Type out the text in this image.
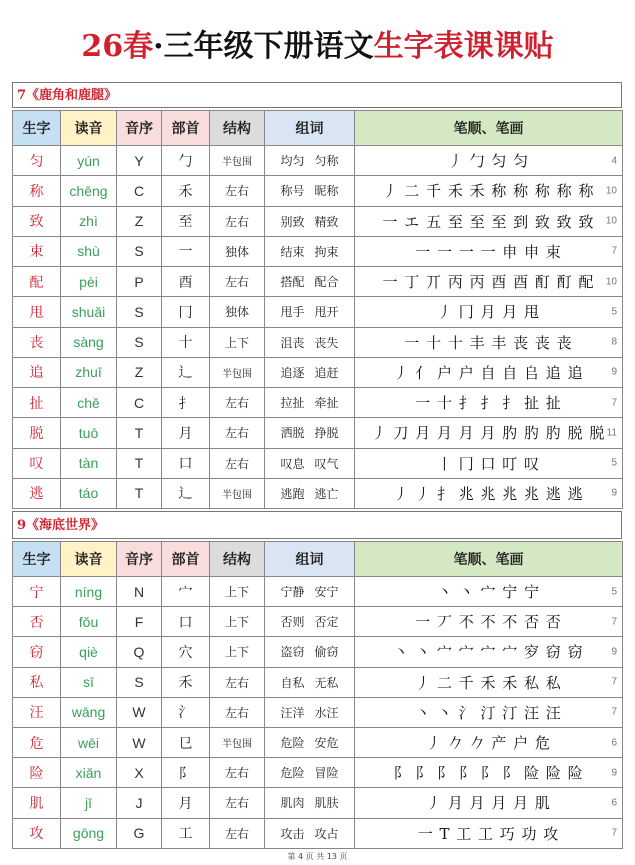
26春·三年级下册语文生字表课课贴
7《鹿角和鹿腿》
生字	读音	音序	部首	结构	组词	笔顺、笔画
匀	yún	Y	勹	半包围	均匀 匀称	丿 勹 匀 匀 4

称	chēng	C	禾	左右	称号 昵称	丿 二 千 禾 禾 称 称 称 称 称 10

致	zhì	Z	至	左右	别致 精致	一 エ 五 至 至 至 到 致 致 致 10

束	shù	S	一	独体	结束 拘束	一 一 一 一 申 申 束 7

配	pèi	P	酉	左右	搭配 配合	一 丁 丌 丙 丙 酉 酉 酊 酊 配 10

甩	shuǎi	S	冂	独体	甩手 甩开	丿 冂 月 月 甩 5

丧	sàng	S	十	上下	沮丧 丧失	一 十 十 丰 丰 丧 丧 丧 8

追	zhuī	Z	辶	半包围	追逐 追赶	丿 亻 户 户 自 自 𠂤 追 追 9

扯	chě	C	扌	左右	拉扯 牵扯	一 十 扌 扌 扌 扯 扯 7

脱	tuō	T	月	左右	洒脱 挣脱	丿 刀 月 月 月 月 肑 肑 肑 脱 脱 11

叹	tàn	T	口	左右	叹息 叹气	丨 冂 口 叮 叹 5

逃	táo	T	辶	半包围	逃跑 逃亡	丿 丿 扌 兆 兆 兆 兆 逃 逃 9
9《海底世界》
生字	读音	音序	部首	结构	组词	笔顺、笔画
宁	níng	N	宀	上下	宁静 安宁	丶 丶 宀 宁 宁 5

否	fǒu	F	口	上下	否则 否定	一 丆 不 不 不 否 否 7

窃	qiè	Q	穴	上下	盗窃 偷窃	丶 丶 宀 宀 宀 宀 穸 窃 窃 9

私	sī	S	禾	左右	自私 无私	丿 二 千 禾 禾 私 私 7

汪	wāng	W	氵	左右	汪洋 水汪	丶 丶 氵 汀 汀 汪 汪 7

危	wēi	W	㔾	半包围	危险 安危	丿 𠂊 𠂊 产 户 危 6

险	xiǎn	X	阝	左右	危险 冒险	阝 阝 阝 阝 阝 阝 险 险 险 9

肌	jī	J	月	左右	肌肉 肌肤	丿 月 月 月 月 肌 6

攻	gōng	G	工	左右	攻击 攻占	一 T 工 工 巧 功 攻 7
第 4 页 共 13 页
